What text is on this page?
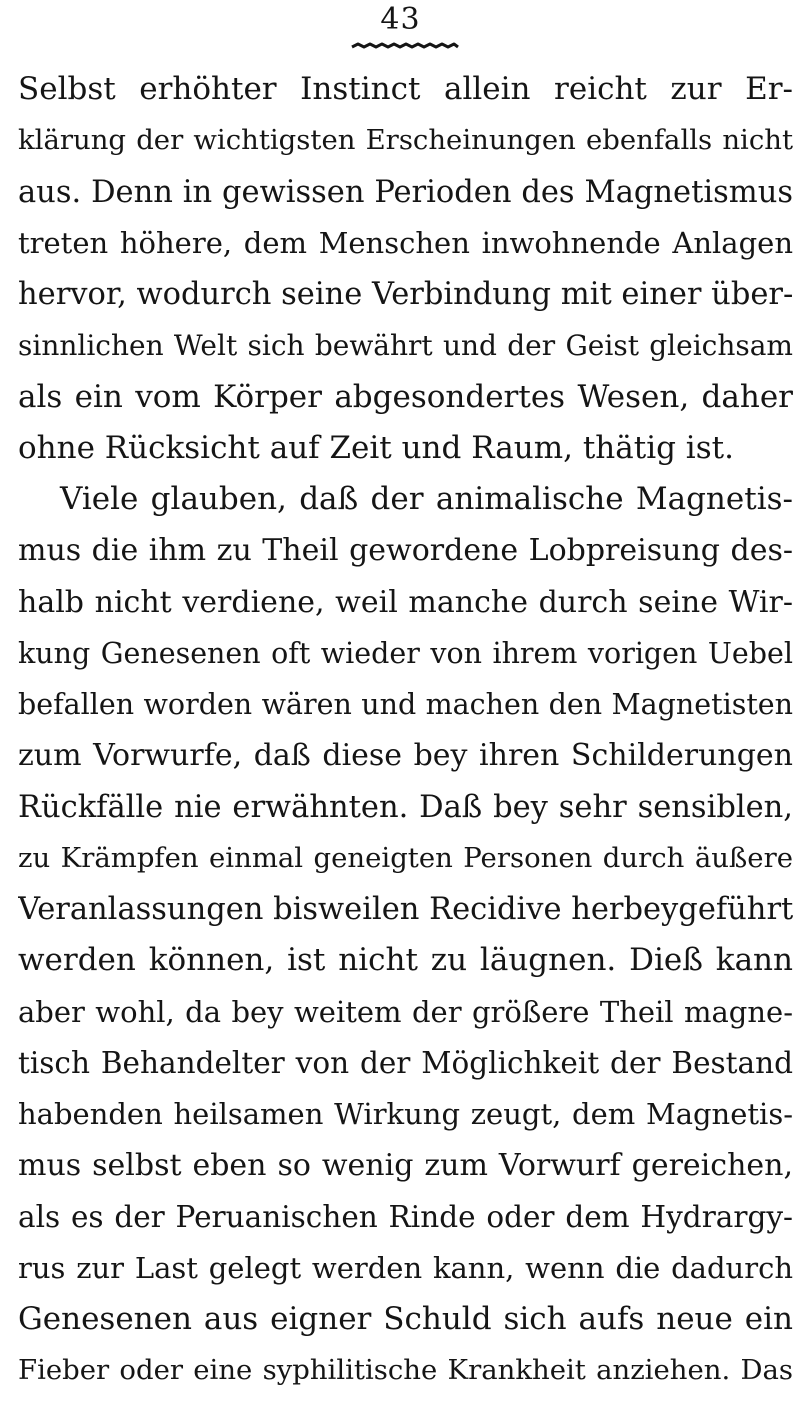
43
Selbst erhöhter Instinct allein reicht zur Er-
klärung der wichtigsten Erscheinungen ebenfalls nicht
aus. Denn in gewissen Perioden des Magnetismus
treten höhere, dem Menschen inwohnende Anlagen
hervor, wodurch seine Verbindung mit einer über-
sinnlichen Welt sich bewährt und der Geist gleichsam
als ein vom Körper abgesondertes Wesen, daher
ohne Rücksicht auf Zeit und Raum, thätig ist.
Viele glauben, daß der animalische Magnetis-
mus die ihm zu Theil gewordene Lobpreisung des-
halb nicht verdiene, weil manche durch seine Wir-
kung Genesenen oft wieder von ihrem vorigen Uebel
befallen worden wären und machen den Magnetisten
zum Vorwurfe, daß diese bey ihren Schilderungen
Rückfälle nie erwähnten. Daß bey sehr sensiblen,
zu Krämpfen einmal geneigten Personen durch äußere
Veranlassungen bisweilen Recidive herbeygeführt
werden können, ist nicht zu läugnen. Dieß kann
aber wohl, da bey weitem der größere Theil magne-
tisch Behandelter von der Möglichkeit der Bestand
habenden heilsamen Wirkung zeugt, dem Magnetis-
mus selbst eben so wenig zum Vorwurf gereichen,
als es der Peruanischen Rinde oder dem Hydrargy-
rus zur Last gelegt werden kann, wenn die dadurch
Genesenen aus eigner Schuld sich aufs neue ein
Fieber oder eine syphilitische Krankheit anziehen. Das
